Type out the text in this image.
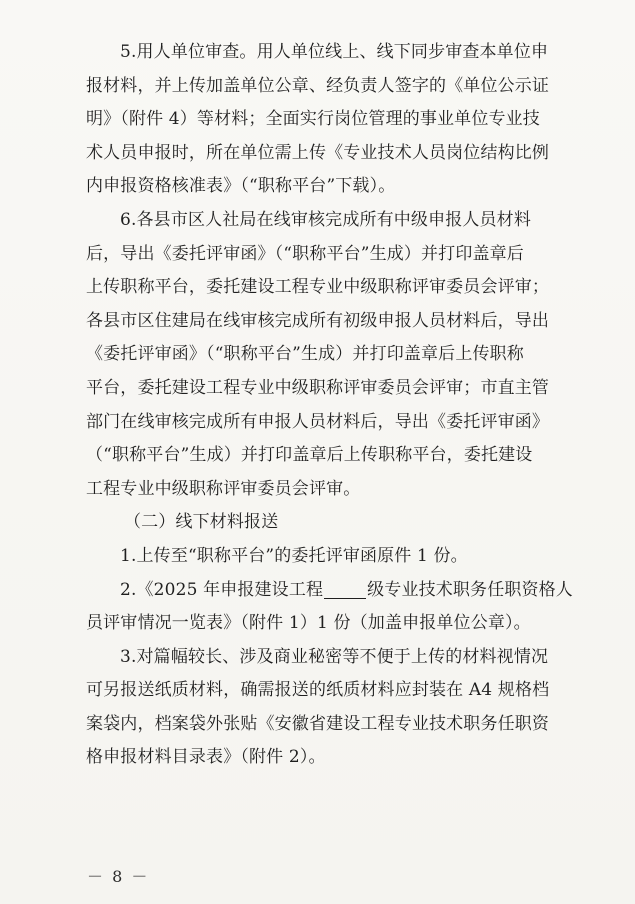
5.用人单位审查。用人单位线上、线下同步审查本单位申
报材料，并上传加盖单位公章、经负责人签字的《单位公示证
明》（附件 4）等材料；全面实行岗位管理的事业单位专业技
术人员申报时，所在单位需上传《专业技术人员岗位结构比例
内申报资格核准表》（“职称平台”下载）。
6.各县市区人社局在线审核完成所有中级申报人员材料
后，导出《委托评审函》（“职称平台”生成）并打印盖章后
上传职称平台，委托建设工程专业中级职称评审委员会评审；
各县市区住建局在线审核完成所有初级申报人员材料后，导出
《委托评审函》（“职称平台”生成）并打印盖章后上传职称
平台，委托建设工程专业中级职称评审委员会评审；市直主管
部门在线审核完成所有申报人员材料后，导出《委托评审函》
（“职称平台”生成）并打印盖章后上传职称平台，委托建设
工程专业中级职称评审委员会评审。
（二）线下材料报送
1.上传至“职称平台”的委托评审函原件 1 份。
2.《2025 年申报建设工程	级专业技术职务任职资格人
员评审情况一览表》（附件 1）1 份（加盖申报单位公章）。
3.对篇幅较长、涉及商业秘密等不便于上传的材料视情况
可另报送纸质材料，确需报送的纸质材料应封装在 A4 规格档
案袋内，档案袋外张贴《安徽省建设工程专业技术职务任职资
格申报材料目录表》（附件 2）。
－ 8 －
